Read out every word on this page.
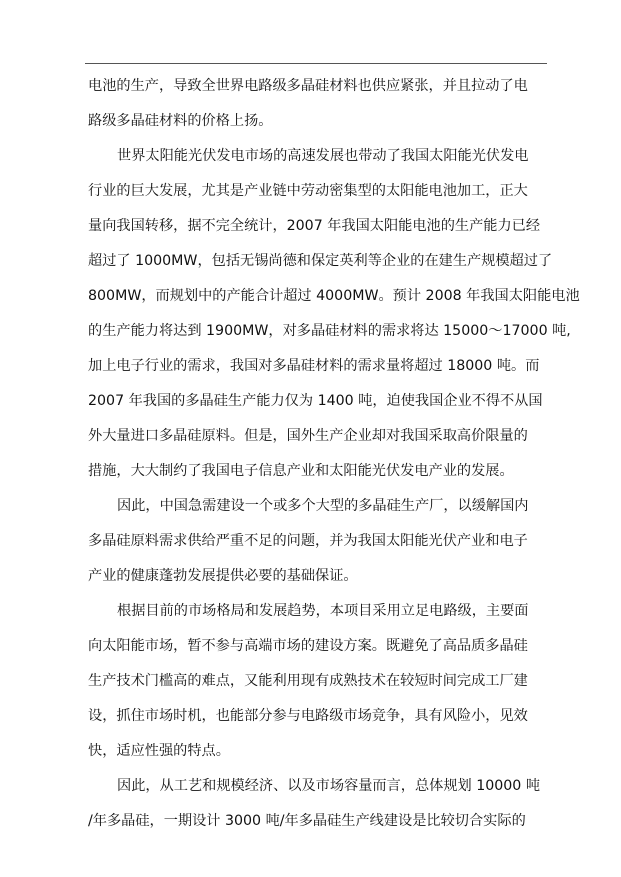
电池的生产，导致全世界电路级多晶硅材料也供应紧张，并且拉动了电
路级多晶硅材料的价格上扬。
世界太阳能光伏发电市场的高速发展也带动了我国太阳能光伏发电
行业的巨大发展，尤其是产业链中劳动密集型的太阳能电池加工，正大
量向我国转移，据不完全统计，2007 年我国太阳能电池的生产能力已经
超过了 1000MW，包括无锡尚德和保定英利等企业的在建生产规模超过了
800MW，而规划中的产能合计超过 4000MW。预计 2008 年我国太阳能电池
的生产能力将达到 1900MW，对多晶硅材料的需求将达 15000～17000 吨,
加上电子行业的需求，我国对多晶硅材料的需求量将超过 18000 吨。而
2007 年我国的多晶硅生产能力仅为 1400 吨，迫使我国企业不得不从国
外大量进口多晶硅原料。但是，国外生产企业却对我国采取高价限量的
措施，大大制约了我国电子信息产业和太阳能光伏发电产业的发展。
因此，中国急需建设一个或多个大型的多晶硅生产厂，以缓解国内
多晶硅原料需求供给严重不足的问题，并为我国太阳能光伏产业和电子
产业的健康蓬勃发展提供必要的基础保证。
根据目前的市场格局和发展趋势，本项目采用立足电路级，主要面
向太阳能市场，暂不参与高端市场的建设方案。既避免了高品质多晶硅
生产技术门槛高的难点，又能利用现有成熟技术在较短时间完成工厂建
设，抓住市场时机，也能部分参与电路级市场竞争，具有风险小，见效
快，适应性强的特点。
因此，从工艺和规模经济、以及市场容量而言，总体规划 10000 吨
/年多晶硅，一期设计 3000 吨/年多晶硅生产线建设是比较切合实际的
